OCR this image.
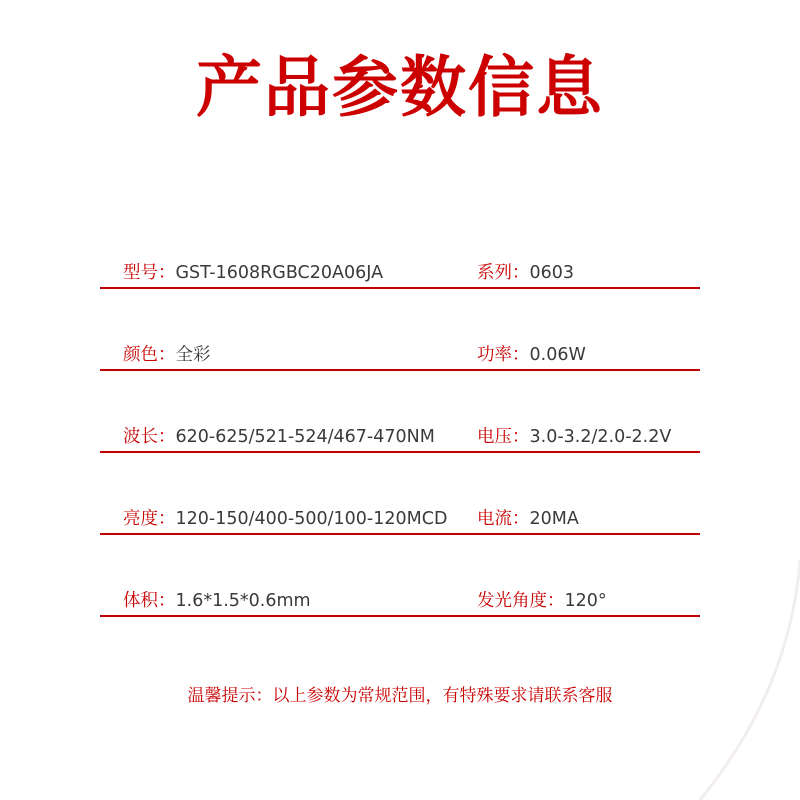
产品参数信息
型号：GST-1608RGBC20A06JA	系列：0603
颜色：全彩	功率：0.06W
波长：620-625/521-524/467-470NM 电压：3.0-3.2/2.0-2.2V
亮度：120-150/400-500/100-120MCD 电流：20MA
体积：1.6*1.5*0.6mm	发光角度：120°
温馨提示：以上参数为常规范围，有特殊要求请联系客服
